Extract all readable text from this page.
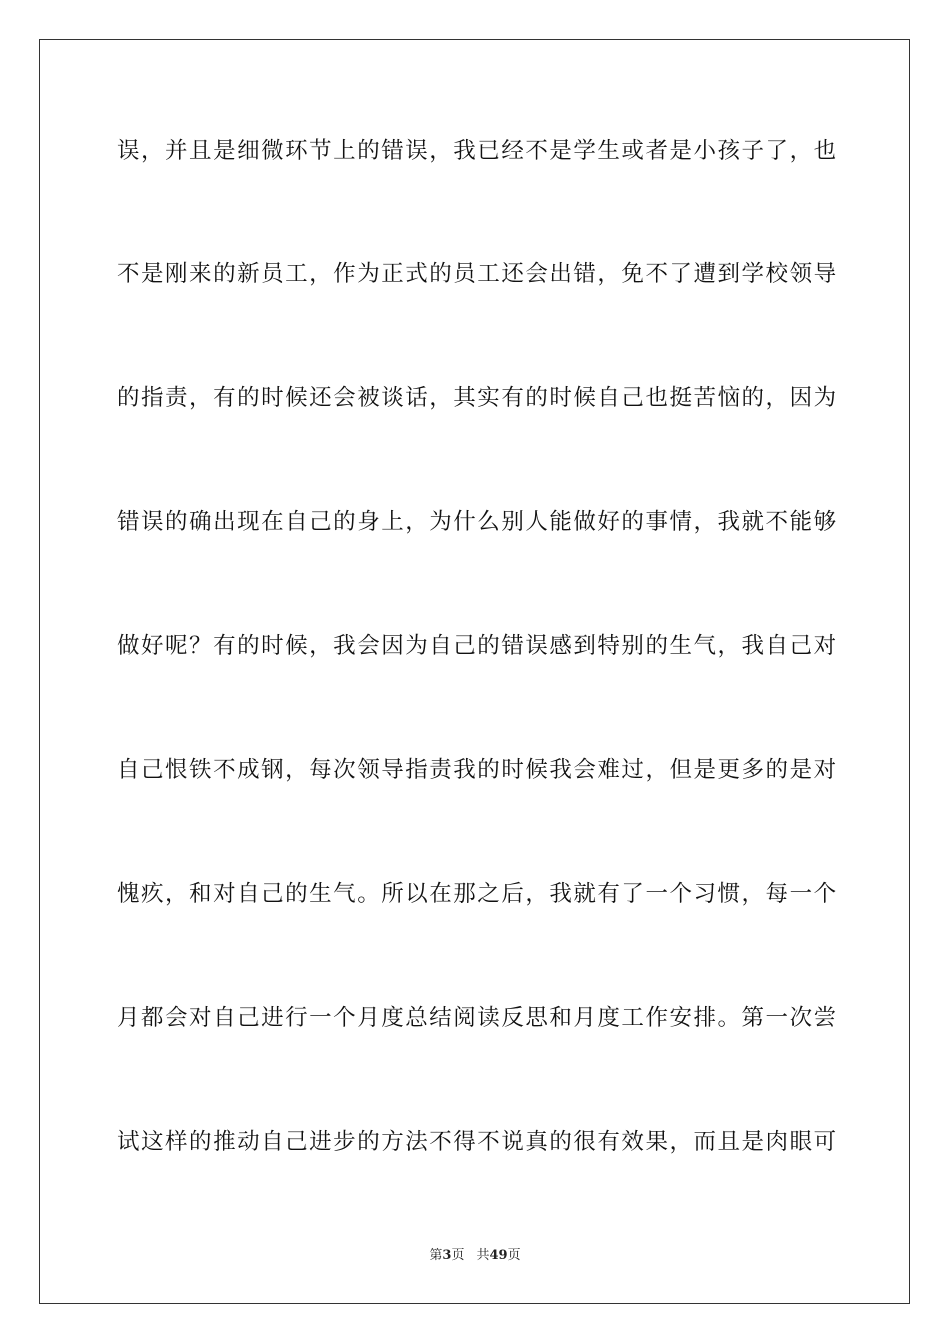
误，并且是细微环节上的错误，我已经不是学生或者是小孩子了，也
不是刚来的新员工，作为正式的员工还会出错，免不了遭到学校领导
的指责，有的时候还会被谈话，其实有的时候自己也挺苦恼的，因为
错误的确出现在自己的身上，为什么别人能做好的事情，我就不能够
做好呢？有的时候，我会因为自己的错误感到特别的生气，我自己对
自己恨铁不成钢，每次领导指责我的时候我会难过，但是更多的是对
愧疚，和对自己的生气。所以在那之后，我就有了一个习惯，每一个
月都会对自己进行一个月度总结阅读反思和月度工作安排。第一次尝
试这样的推动自己进步的方法不得不说真的很有效果，而且是肉眼可
第3页 共49页
